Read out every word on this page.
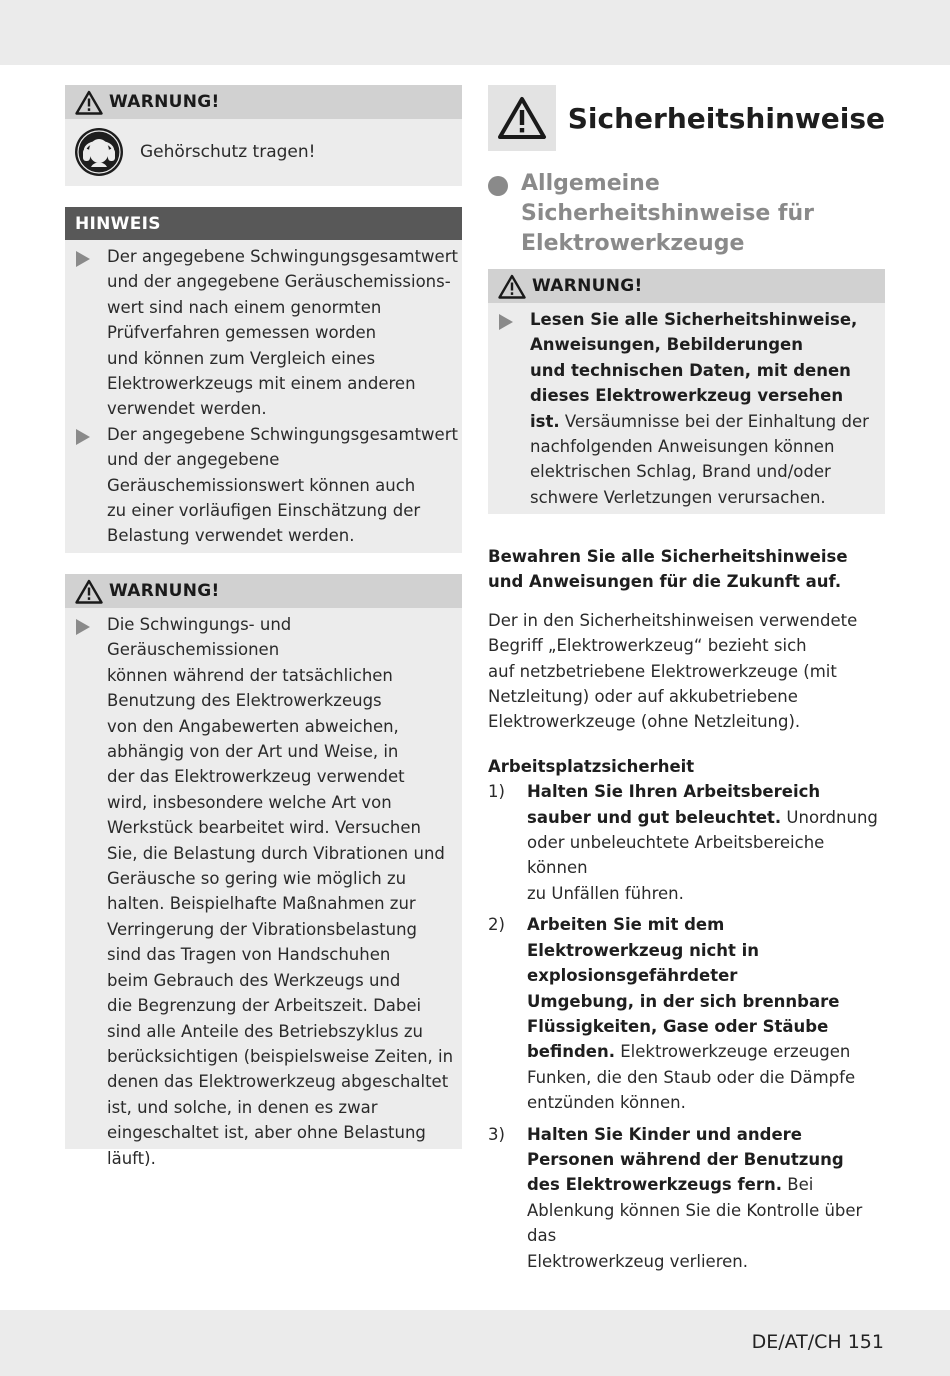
WARNUNG!
Gehörschutz tragen!
HINWEIS
Der angegebene Schwingungsgesamtwert
und der angegebene Geräuschemissions-
wert sind nach einem genormten
Prüfverfahren gemessen worden
und können zum Vergleich eines
Elektrowerkzeugs mit einem anderen
verwendet werden.
Der angegebene Schwingungsgesamtwert
und der angegebene
Geräuschemissionswert können auch
zu einer vorläufigen Einschätzung der
Belastung verwendet werden.
WARNUNG!
Die Schwingungs- und Geräuschemissionen
können während der tatsächlichen
Benutzung des Elektrowerkzeugs
von den Angabewerten abweichen,
abhängig von der Art und Weise, in
der das Elektrowerkzeug verwendet
wird, insbesondere welche Art von
Werkstück bearbeitet wird. Versuchen
Sie, die Belastung durch Vibrationen und
Geräusche so gering wie möglich zu
halten. Beispielhafte Maßnahmen zur
Verringerung der Vibrationsbelastung
sind das Tragen von Handschuhen
beim Gebrauch des Werkzeugs und
die Begrenzung der Arbeitszeit. Dabei
sind alle Anteile des Betriebszyklus zu
berücksichtigen (beispielsweise Zeiten, in
denen das Elektrowerkzeug abgeschaltet
ist, und solche, in denen es zwar
eingeschaltet ist, aber ohne Belastung
läuft).
Sicherheitshinweise
Allgemeine
Sicherheitshinweise für
Elektrowerkzeuge
WARNUNG!
Lesen Sie alle Sicherheitshinweise,
Anweisungen, Bebilderungen
und technischen Daten, mit denen
dieses Elektrowerkzeug versehen
ist. Versäumnisse bei der Einhaltung der
nachfolgenden Anweisungen können
elektrischen Schlag, Brand und/oder
schwere Verletzungen verursachen.
Bewahren Sie alle Sicherheitshinweise
und Anweisungen für die Zukunft auf.
Der in den Sicherheitshinweisen verwendete
Begriff „Elektrowerkzeug“ bezieht sich
auf netzbetriebene Elektrowerkzeuge (mit
Netzleitung) oder auf akkubetriebene
Elektrowerkzeuge (ohne Netzleitung).
Arbeitsplatzsicherheit
1)	Halten Sie Ihren Arbeitsbereich
sauber und gut beleuchtet. Unordnung
oder unbeleuchtete Arbeitsbereiche können
zu Unfällen führen.
2)	Arbeiten Sie mit dem
Elektrowerkzeug nicht in
explosionsgefährdeter
Umgebung, in der sich brennbare
Flüssigkeiten, Gase oder Stäube
befinden. Elektrowerkzeuge erzeugen
Funken, die den Staub oder die Dämpfe
entzünden können.
3)	Halten Sie Kinder und andere
Personen während der Benutzung
des Elektrowerkzeugs fern. Bei
Ablenkung können Sie die Kontrolle über das
Elektrowerkzeug verlieren.
DE/AT/CH 151
